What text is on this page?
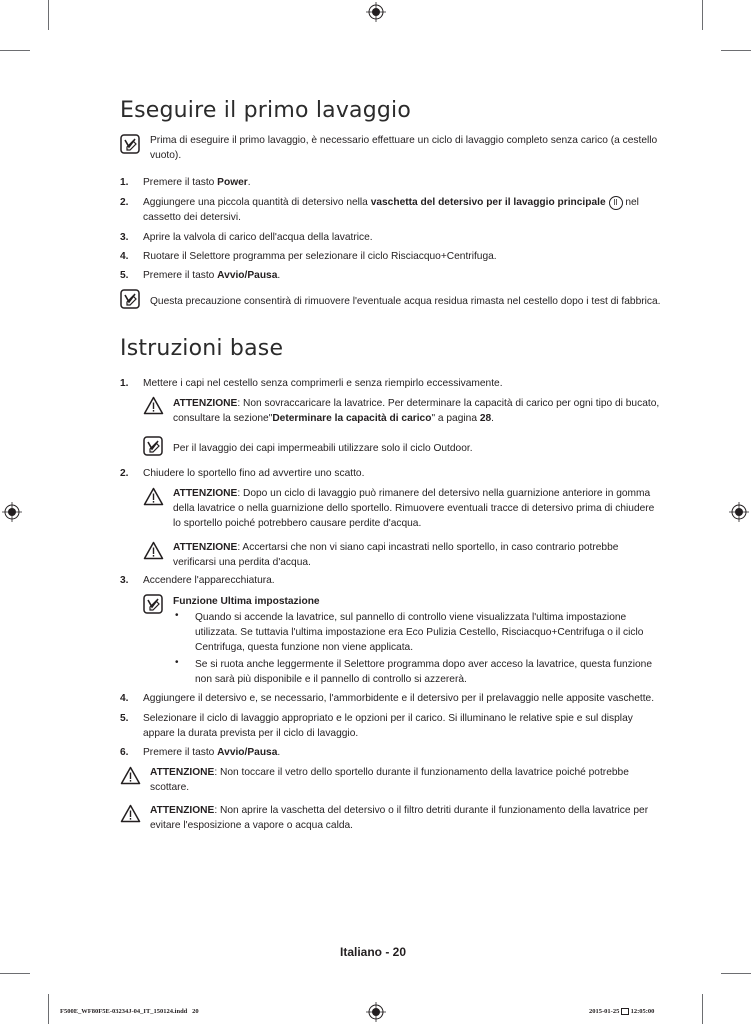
Eseguire il primo lavaggio

Prima di eseguire il primo lavaggio, è necessario effettuare un ciclo di lavaggio completo senza carico (a cestello vuoto).

1. Premere il tasto Power.

2. Aggiungere una piccola quantità di detersivo nella vaschetta del detersivo per il lavaggio principale II nel cassetto dei detersivi.

3. Aprire la valvola di carico dell'acqua della lavatrice.

4. Ruotare il Selettore programma per selezionare il ciclo Risciacquo+Centrifuga.

5. Premere il tasto Avvio/Pausa.

Questa precauzione consentirà di rimuovere l'eventuale acqua residua rimasta nel cestello dopo i test di fabbrica.

Istruzioni base
1. Mettere i capi nel cestello senza comprimerli e senza riempirlo eccessivamente.

ATTENZIONE: Non sovraccaricare la lavatrice. Per determinare la capacità di carico per ogni tipo di bucato, consultare la sezione"Determinare la capacità di carico" a pagina 28.

Per il lavaggio dei capi impermeabili utilizzare solo il ciclo Outdoor.

2. Chiudere lo sportello fino ad avvertire uno scatto.

ATTENZIONE: Dopo un ciclo di lavaggio può rimanere del detersivo nella guarnizione anteriore in gomma della lavatrice o nella guarnizione dello sportello. Rimuovere eventuali tracce di detersivo prima di chiudere lo sportello poiché potrebbero causare perdite d'acqua.

ATTENZIONE: Accertarsi che non vi siano capi incastrati nello sportello, in caso contrario potrebbe verificarsi una perdita d'acqua.

3. Accendere l'apparecchiatura.

Funzione Ultima impostazione

• Quando si accende la lavatrice, sul pannello di controllo viene visualizzata l'ultima impostazione utilizzata. Se tuttavia l'ultima impostazione era Eco Pulizia Cestello, Risciacquo+Centrifuga o il ciclo Centrifuga, questa funzione non viene applicata.

• Se si ruota anche leggermente il Selettore programma dopo aver acceso la lavatrice, questa funzione non sarà più disponibile e il pannello di controllo si azzererà.

4. Aggiungere il detersivo e, se necessario, l'ammorbidente e il detersivo per il prelavaggio nelle apposite vaschette.

5. Selezionare il ciclo di lavaggio appropriato e le opzioni per il carico. Si illuminano le relative spie e sul display appare la durata prevista per il ciclo di lavaggio.

6. Premere il tasto Avvio/Pausa.

ATTENZIONE: Non toccare il vetro dello sportello durante il funzionamento della lavatrice poiché potrebbe scottare.

ATTENZIONE: Non aprire la vaschetta del detersivo o il filtro detriti durante il funzionamento della lavatrice per evitare l'esposizione a vapore o acqua calda.

Italiano - 20
F500E_WF80F5E-03234J-04_IT_150124.indd   20	2015-01-25 12:05:00
